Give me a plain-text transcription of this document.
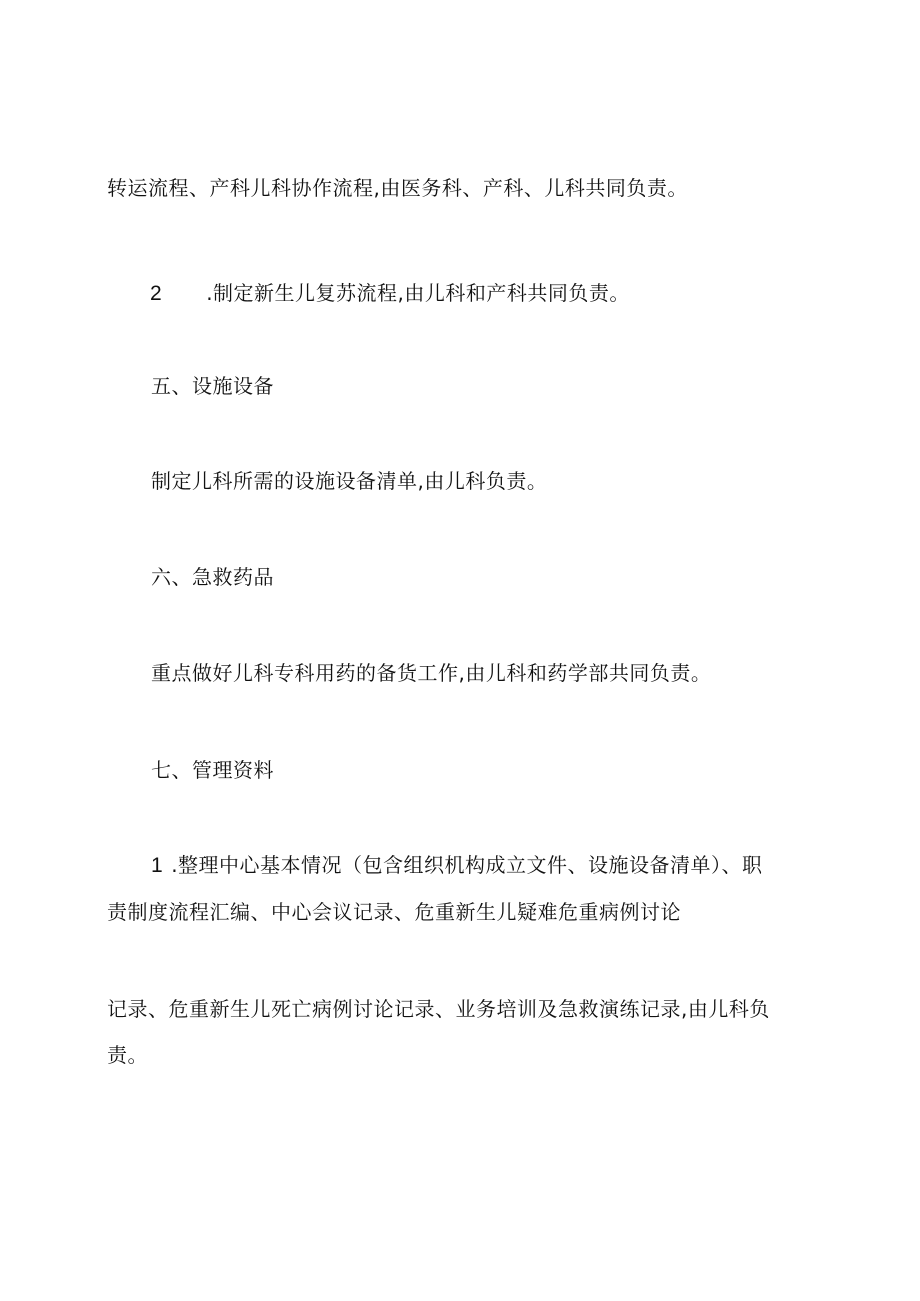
转运流程、产科儿科协作流程,由医务科、产科、儿科共同负责。
2 .制定新生儿复苏流程,由儿科和产科共同负责。
五、设施设备
制定儿科所需的设施设备清单,由儿科负责。
六、急救药品
重点做好儿科专科用药的备货工作,由儿科和药学部共同负责。
七、管理资料
1 .整理中心基本情况（包含组织机构成立文件、设施设备清单）、职
责制度流程汇编、中心会议记录、危重新生儿疑难危重病例讨论
记录、危重新生儿死亡病例讨论记录、业务培训及急救演练记录,由儿科负
责。
